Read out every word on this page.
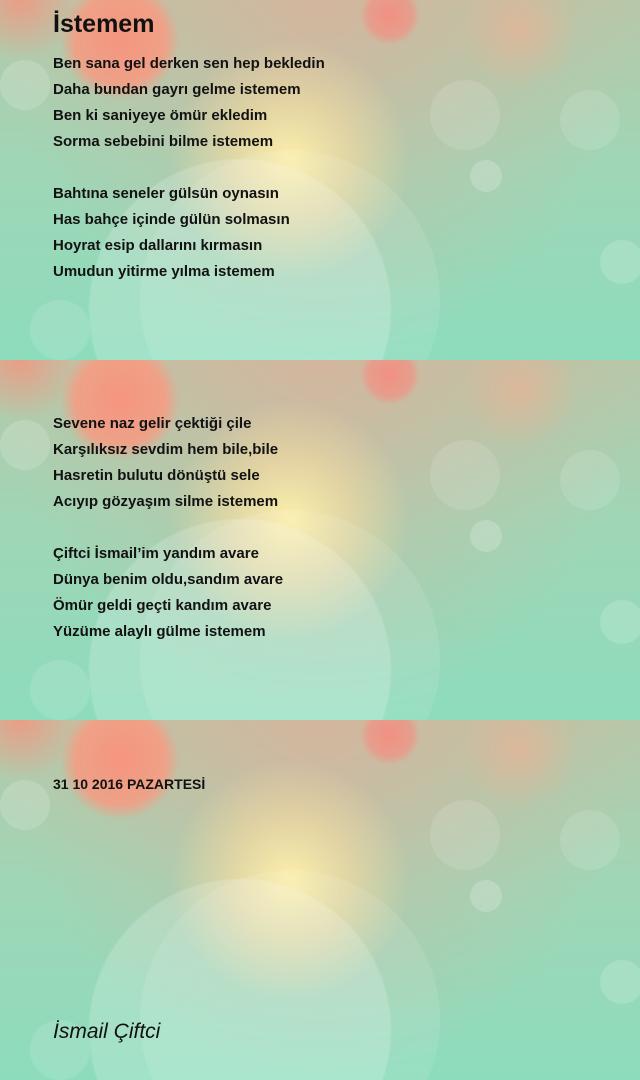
İstemem
Ben sana gel derken sen hep bekledin
Daha bundan gayrı gelme istemem
Ben ki saniyeye ömür ekledim
Sorma sebebini bilme istemem
Bahtına seneler gülsün oynasın
Has bahçe içinde gülün solmasın
Hoyrat esip dallarını kırmasın
Umudun yitirme yılma istemem
Sevene naz gelir çektiği çile
Karşılıksız sevdim hem bile,bile
Hasretin bulutu dönüştü sele
Acıyıp gözyaşım silme istemem
Çiftci İsmail’im yandım avare
Dünya benim oldu,sandım avare
Ömür geldi geçti kandım avare
Yüzüme alaylı gülme istemem
31 10 2016 PAZARTESİ
İsmail Çiftci
